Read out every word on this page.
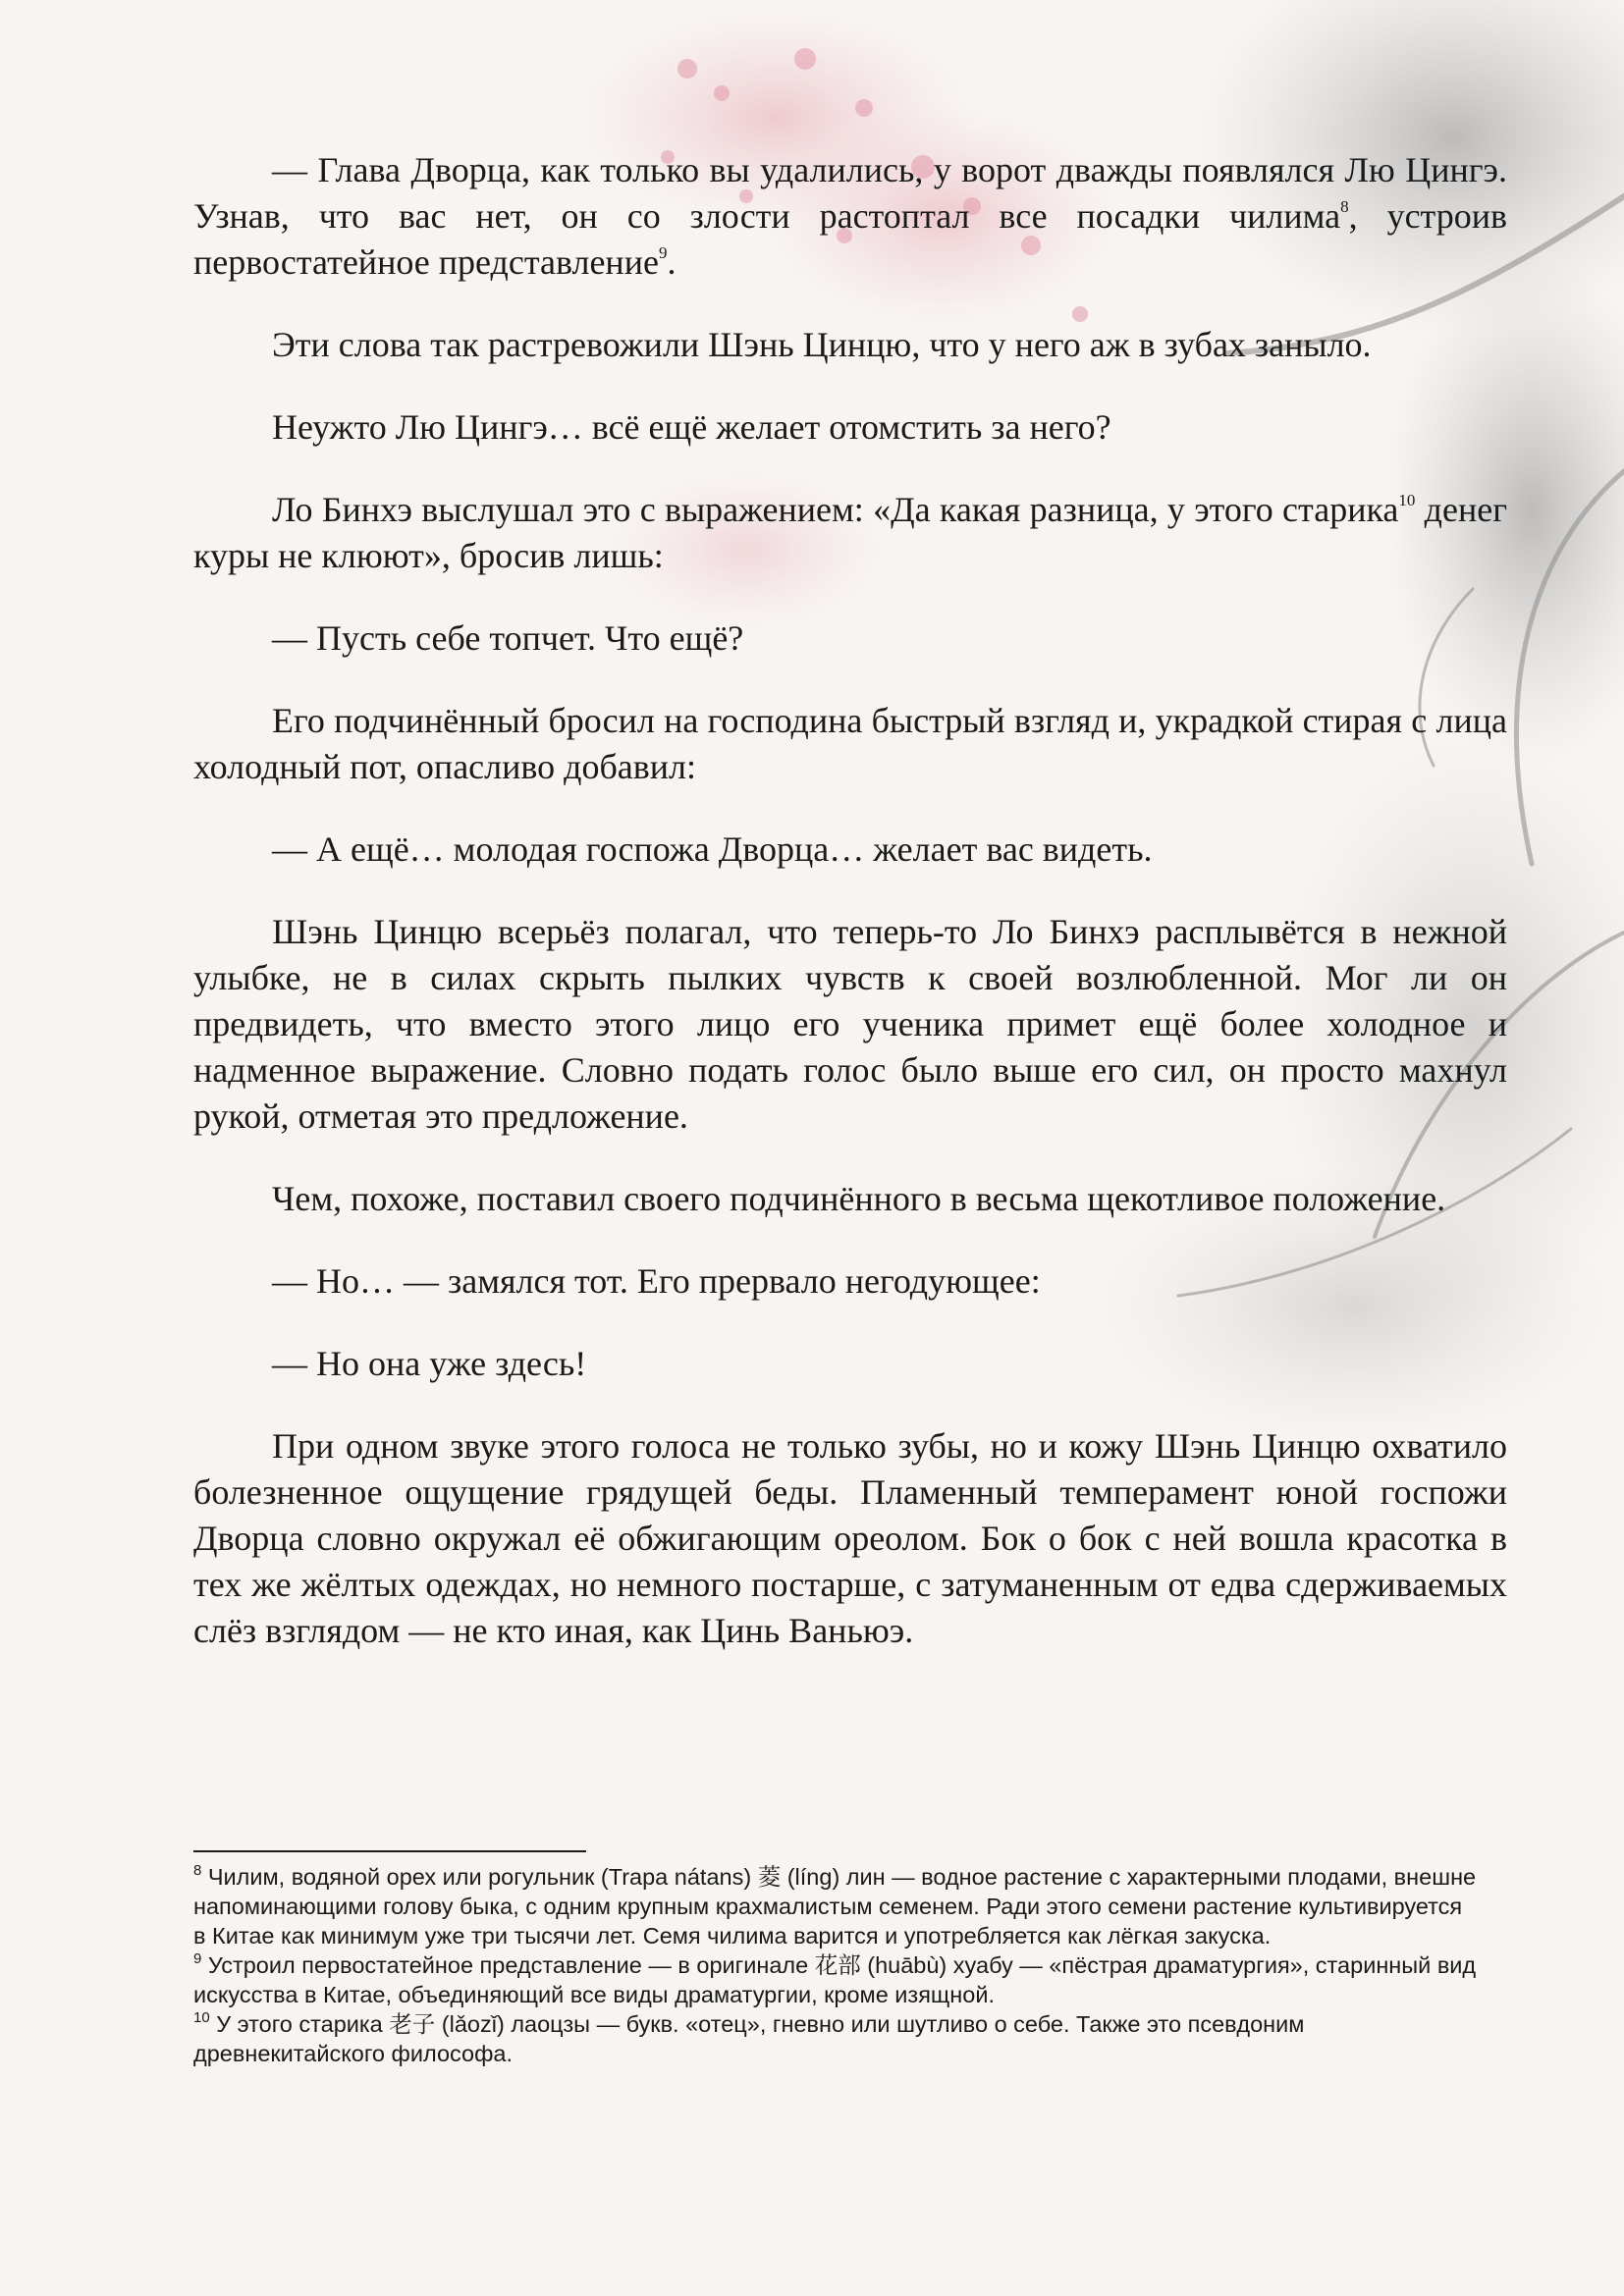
— Глава Дворца, как только вы удалились, у ворот дважды появлялся Лю Цингэ. Узнав, что вас нет, он со злости растоптал все посадки чилима$^8$, устроив первостатейное представление$^9$.

Эти слова так растревожили Шэнь Цинцю, что у него аж в зубах заныло.

Неужто Лю Цингэ… всё ещё желает отомстить за него?

Ло Бинхэ выслушал это с выражением: «Да какая разница, у этого старика$^{10}$ денег куры не клюют», бросив лишь:

— Пусть себе топчет. Что ещё?

Его подчинённый бросил на господина быстрый взгляд и, украдкой стирая с лица холодный пот, опасливо добавил:

— А ещё… молодая госпожа Дворца… желает вас видеть.

Шэнь Цинцю всерьёз полагал, что теперь-то Ло Бинхэ расплывётся в нежной улыбке, не в силах скрыть пылких чувств к своей возлюбленной. Мог ли он предвидеть, что вместо этого лицо его ученика примет ещё более холодное и надменное выражение. Словно подать голос было выше его сил, он просто махнул рукой, отметая это предложение.

Чем, похоже, поставил своего подчинённого в весьма щекотливое положение.

— Но… — замялся тот. Его прервало негодующее:

— Но она уже здесь!

При одном звуке этого голоса не только зубы, но и кожу Шэнь Цинцю охватило болезненное ощущение грядущей беды. Пламенный темперамент юной госпожи Дворца словно окружал её обжигающим ореолом. Бок о бок с ней вошла красотка в тех же жёлтых одеждах, но немного постарше, с затуманенным от едва сдерживаемых слёз взглядом — не кто иная, как Цинь Ваньюэ.

$^8$ Чилим, водяной орех или рогульник (Trapa nátans) 菱 (líng) лин — водное растение с характерными плодами, внешне напоминающими голову быка, с одним крупным крахмалистым семенем. Ради этого семени растение культивируется в Китае как минимум уже три тысячи лет. Семя чилима варится и употребляется как лёгкая закуска.

$^9$ Устроил первостатейное представление — в оригинале 花部 (huābù) хуабу — «пёстрая драматургия», старинный вид искусства в Китае, объединяющий все виды драматургии, кроме изящной.

$^{10}$ У этого старика 老子 (lǎozǐ) лаоцзы — букв. «отец», гневно или шутливо о себе. Также это псевдоним древнекитайского философа.
